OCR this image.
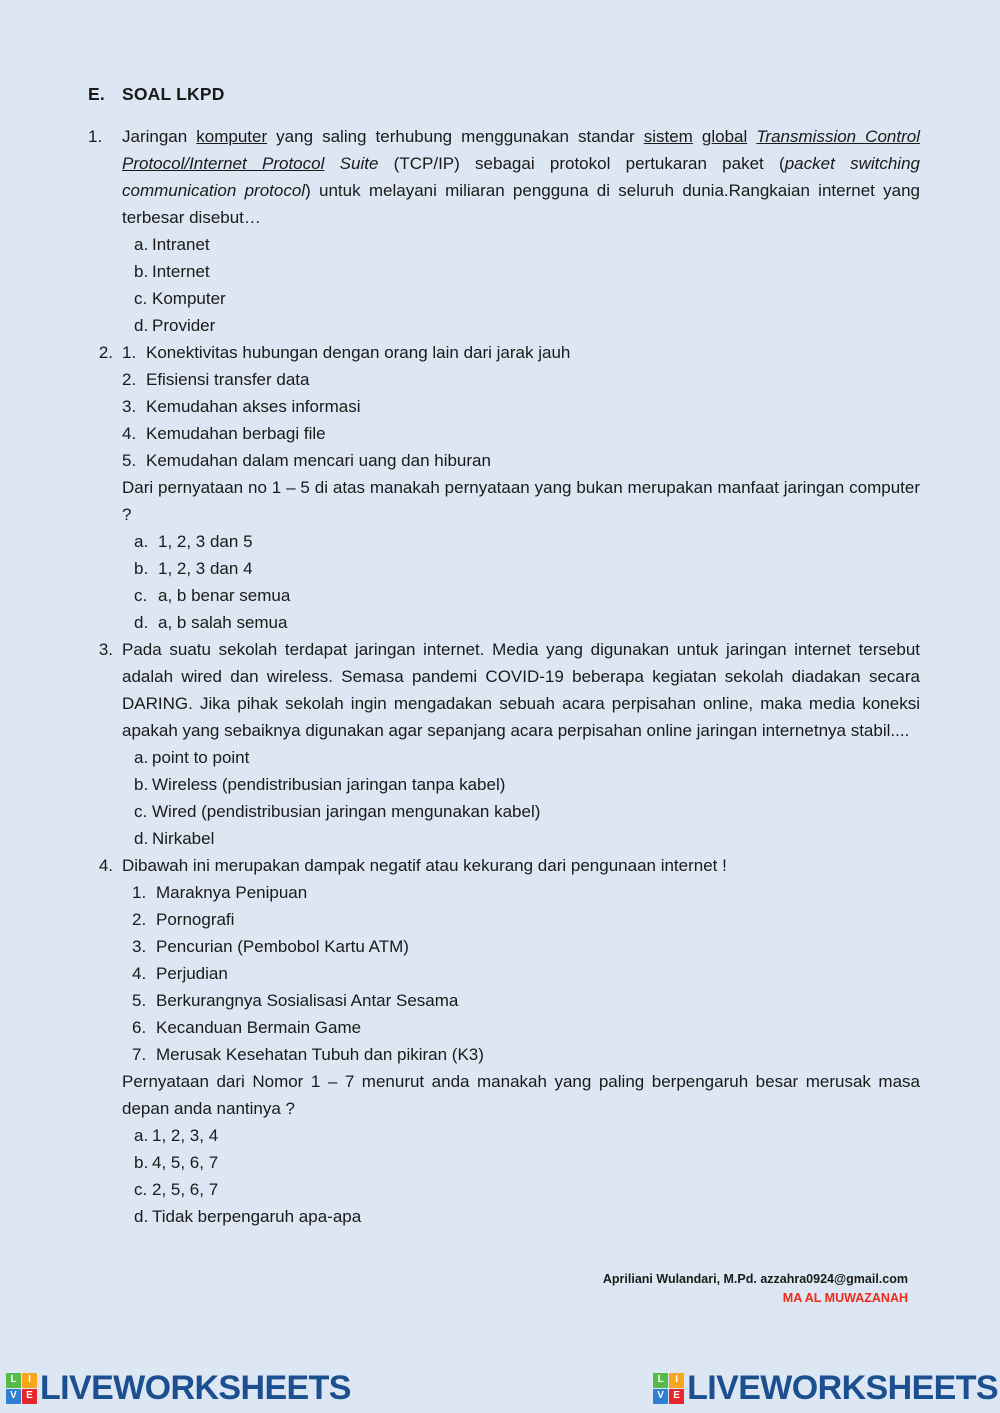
E. SOAL LKPD
1.	Jaringan komputer yang saling terhubung menggunakan standar sistem global Transmission Control Protocol/Internet Protocol Suite (TCP/IP) sebagai protokol pertukaran paket (packet switching communication protocol) untuk melayani miliaran pengguna di seluruh dunia.Rangkaian internet yang terbesar disebut…
a. Intranet
b. Internet
c. Komputer
d. Provider
2. 1. Konektivitas hubungan dengan orang lain dari jarak jauh
2. Efisiensi transfer data
3. Kemudahan akses informasi
4. Kemudahan berbagi file
5. Kemudahan dalam mencari uang dan hiburan
Dari pernyataan no 1 – 5 di atas manakah pernyataan yang bukan merupakan manfaat jaringan computer ?
a. 1, 2, 3 dan 5
b. 1, 2, 3 dan 4
c. a, b benar semua
d. a, b salah semua
3. Pada suatu sekolah terdapat jaringan internet. Media yang digunakan untuk jaringan internet tersebut adalah wired dan wireless. Semasa pandemi COVID-19 beberapa kegiatan sekolah diadakan secara DARING. Jika pihak sekolah ingin mengadakan sebuah acara perpisahan online, maka media koneksi apakah yang sebaiknya digunakan agar sepanjang acara perpisahan online jaringan internetnya stabil....
a. point to point
b. Wireless (pendistribusian jaringan tanpa kabel)
c. Wired (pendistribusian jaringan mengunakan kabel)
d. Nirkabel
4. Dibawah ini merupakan dampak negatif atau kekurang dari pengunaan internet !
1. Maraknya Penipuan
2. Pornografi
3. Pencurian (Pembobol Kartu ATM)
4. Perjudian
5. Berkurangnya Sosialisasi Antar Sesama
6. Kecanduan Bermain Game
7. Merusak Kesehatan Tubuh dan pikiran (K3)
Pernyataan dari Nomor 1 – 7 menurut anda manakah yang paling berpengaruh besar merusak masa depan anda nantinya ?
a. 1, 2, 3, 4
b. 4, 5, 6, 7
c. 2, 5, 6, 7
d. Tidak berpengaruh apa-apa
Apriliani Wulandari, M.Pd. azzahra0924@gmail.com
MA AL MUWAZANAH
L	I
V E LIVEWORKSHEETS	L	I
V E LIVEWORKSHEETS
